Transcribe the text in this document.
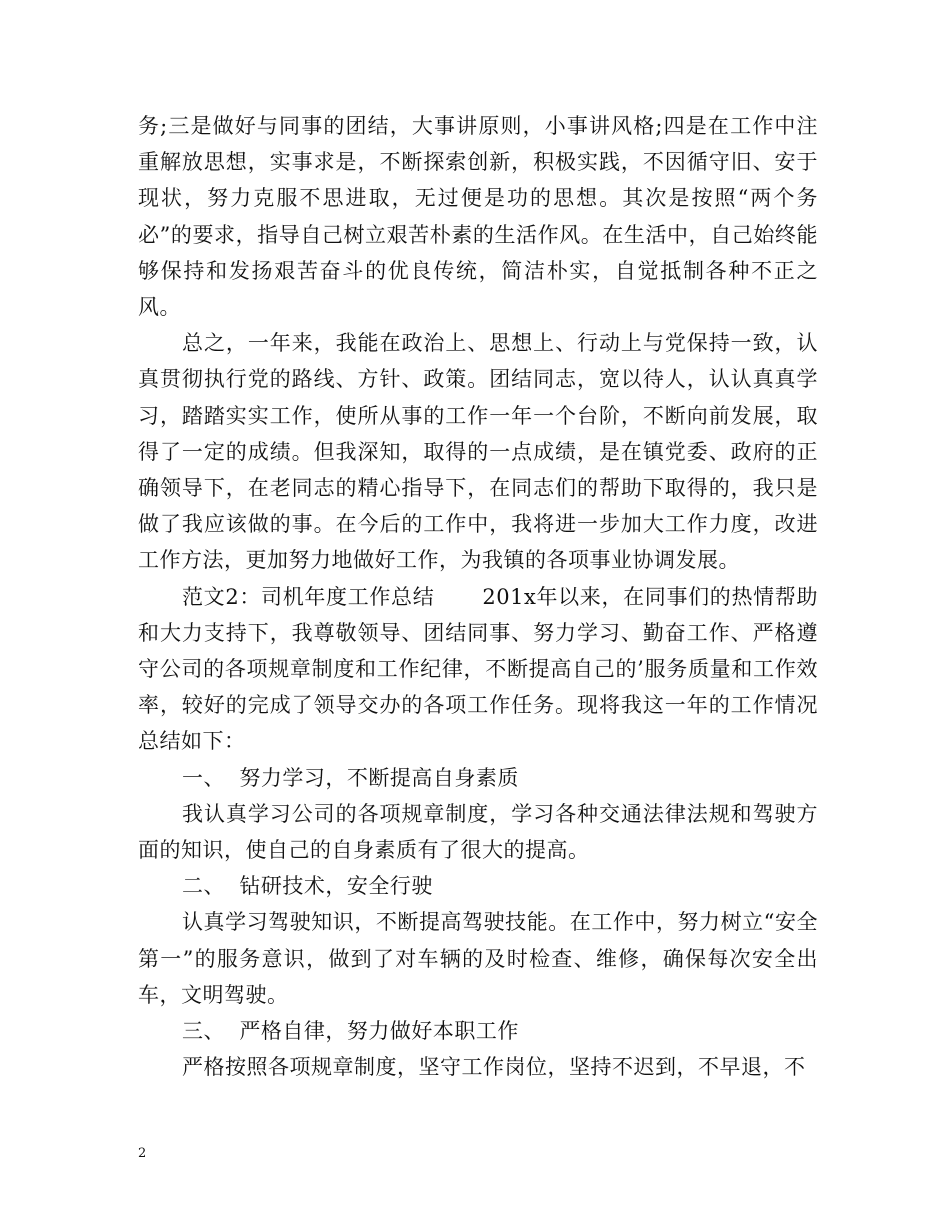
务;三是做好与同事的团结，大事讲原则，小事讲风格;四是在工作中注重解放思想，实事求是，不断探索创新，积极实践，不因循守旧、安于现状，努力克服不思进取，无过便是功的思想。其次是按照“两个务必”的要求，指导自己树立艰苦朴素的生活作风。在生活中，自己始终能够保持和发扬艰苦奋斗的优良传统，简洁朴实，自觉抵制各种不正之风。

总之，一年来，我能在政治上、思想上、行动上与党保持一致，认真贯彻执行党的路线、方针、政策。团结同志，宽以待人，认认真真学习，踏踏实实工作，使所从事的工作一年一个台阶，不断向前发展，取得了一定的成绩。但我深知，取得的一点成绩，是在镇党委、政府的正确领导下，在老同志的精心指导下，在同志们的帮助下取得的，我只是做了我应该做的事。在今后的工作中，我将进一步加大工作力度，改进工作方法，更加努力地做好工作，为我镇的各项事业协调发展。

范文2：司机年度工作总结 201x年以来，在同事们的热情帮助和大力支持下，我尊敬领导、团结同事、努力学习、勤奋工作、严格遵守公司的各项规章制度和工作纪律，不断提高自己的’服务质量和工作效率，较好的完成了领导交办的各项工作任务。现将我这一年的工作情况总结如下：

一、  努力学习，不断提高自身素质

我认真学习公司的各项规章制度，学习各种交通法律法规和驾驶方面的知识，使自己的自身素质有了很大的提高。

二、  钻研技术，安全行驶

认真学习驾驶知识，不断提高驾驶技能。在工作中，努力树立“安全第一”的服务意识，做到了对车辆的及时检查、维修，确保每次安全出车，文明驾驶。

三、  严格自律，努力做好本职工作

严格按照各项规章制度，坚守工作岗位，坚持不迟到，不早退，不

2
